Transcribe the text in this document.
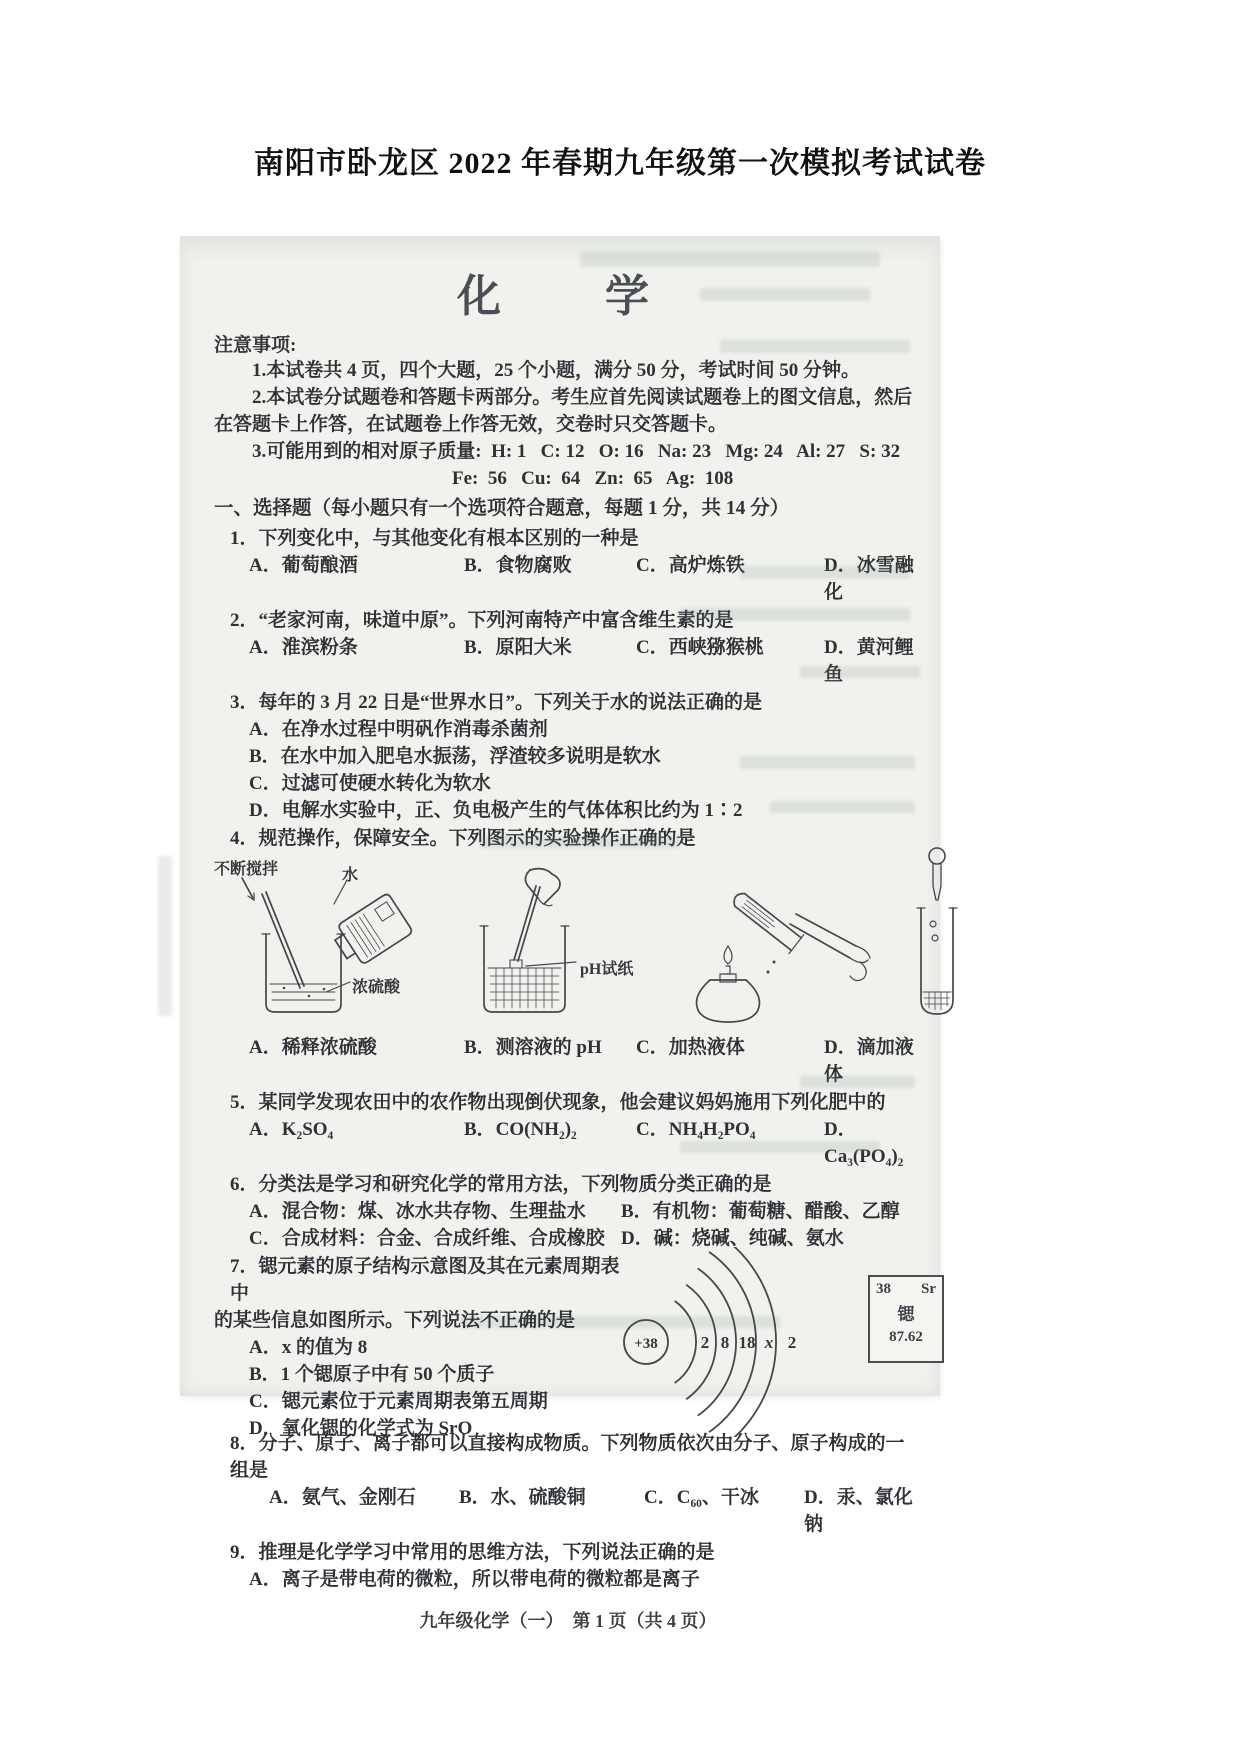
南阳市卧龙区 2022 年春期九年级第一次模拟考试试卷
化　学
注意事项:

1.本试卷共 4 页，四个大题，25 个小题，满分 50 分，考试时间 50 分钟。

2.本试卷分试题卷和答题卡两部分。考生应首先阅读试题卷上的图文信息，然后在答题卡上作答，在试题卷上作答无效，交卷时只交答题卡。

3.可能用到的相对原子质量:  H: 1   C: 12   O: 16   Na: 23   Mg: 24   Al: 27   S: 32

Fe:  56   Cu:  64   Zn:  65   Ag:  108

一、选择题（每小题只有一个选项符合题意，每题 1 分，共 14 分）

1．下列变化中，与其他变化有根本区别的一种是

A．葡萄酿酒	B．食物腐败	C．高炉炼铁	D．冰雪融化

2．“老家河南，味道中原”。下列河南特产中富含维生素的是

A．淮滨粉条	B．原阳大米	C．西峡猕猴桃	D．黄河鲤鱼

3．每年的 3 月 22 日是“世界水日”。下列关于水的说法正确的是

A．在净水过程中明矾作消毒杀菌剂

B．在水中加入肥皂水振荡，浮渣较多说明是软水

C．过滤可使硬水转化为软水

D．电解水实验中，正、负电极产生的气体体积比约为 1∶2

4．规范操作，保障安全。下列图示的实验操作正确的是

不断搅拌	水
浓硫酸
pH试纸
A．稀释浓硫酸	B．测溶液的 pH	C．加热液体	D．滴加液体

5．某同学发现农田中的农作物出现倒伏现象，他会建议妈妈施用下列化肥中的

A．K₂SO₄	B．CO(NH₂)₂	C．NH₄H₂PO₄	D．Ca₃(PO₄)₂

6．分类法是学习和研究化学的常用方法，下列物质分类正确的是

A．混合物：煤、冰水共存物、生理盐水	B．有机物：葡萄糖、醋酸、乙醇
C．合成材料：合金、合成纤维、合成橡胶 D．碱：烧碱、纯碱、氨水

7．锶元素的原子结构示意图及其在元素周期表中

的某些信息如图所示。下列说法不正确的是

A．x 的值为 8

B．1 个锶原子中有 50 个质子

C．锶元素位于元素周期表第五周期

D．氧化锶的化学式为 SrO

+38	2 8 18 x 2
38 Sr
锶
87.62

8．分子、原子、离子都可以直接构成物质。下列物质依次由分子、原子构成的一组是

A．氨气、金刚石	B．水、硫酸铜	C．C₆₀、干冰	D．汞、氯化钠

9．推理是化学学习中常用的思维方法，下列说法正确的是

A．离子是带电荷的微粒，所以带电荷的微粒都是离子

九年级化学（一）　第 1 页（共 4 页）
